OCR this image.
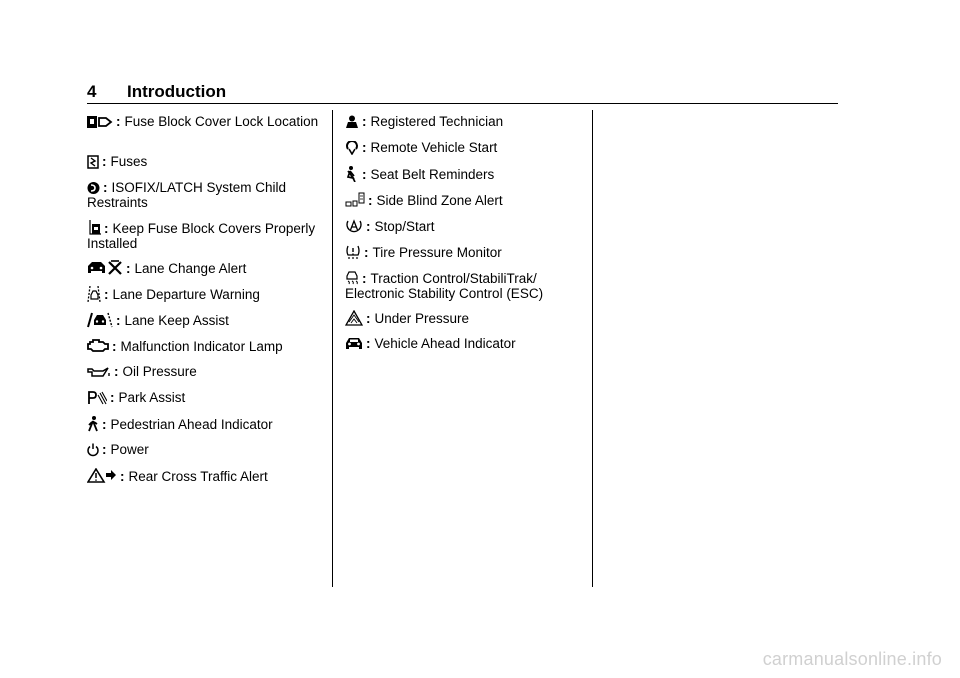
4 Introduction
: Fuse Block Cover Lock Location
: Fuses
: ISOFIX/LATCH System Child Restraints
: Keep Fuse Block Covers Properly Installed
: Lane Change Alert
: Lane Departure Warning
: Lane Keep Assist
: Malfunction Indicator Lamp
: Oil Pressure
: Park Assist
: Pedestrian Ahead Indicator
: Power
: Rear Cross Traffic Alert
: Registered Technician
: Remote Vehicle Start
: Seat Belt Reminders
: Side Blind Zone Alert
: Stop/Start
: Tire Pressure Monitor
: Traction Control/StabiliTrak/ Electronic Stability Control (ESC)
: Under Pressure
: Vehicle Ahead Indicator
carmanualsonline.info
